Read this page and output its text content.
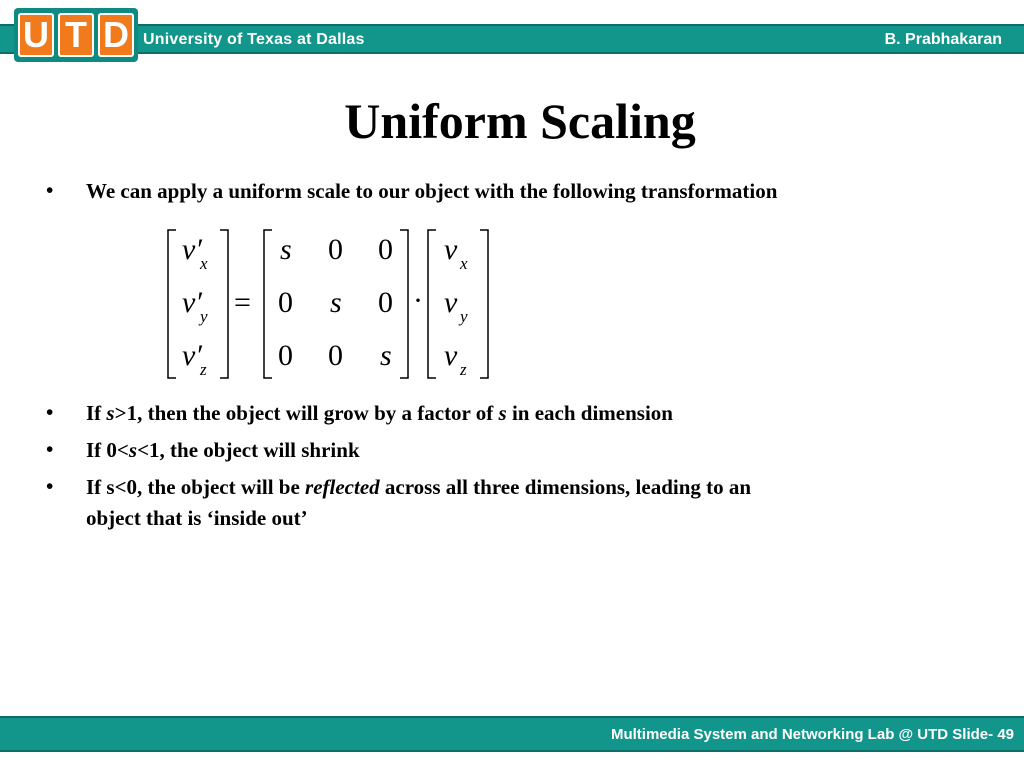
University of Texas at Dallas	B. Prabhakaran
U T D
Uniform Scaling
• We can apply a uniform scale to our object with the following transformation
v′
x
v′
y
v′
z
=
s 0 0
0 s 0
0 0 s
·
v x
v y
v z
• If s>1, then the object will grow by a factor of s in each dimension
• If 0<s<1, the object will shrink
• If s<0, the object will be reflected across all three dimensions, leading to an
object that is ‘inside out’
Multimedia System and Networking Lab @ UTD Slide- 49
